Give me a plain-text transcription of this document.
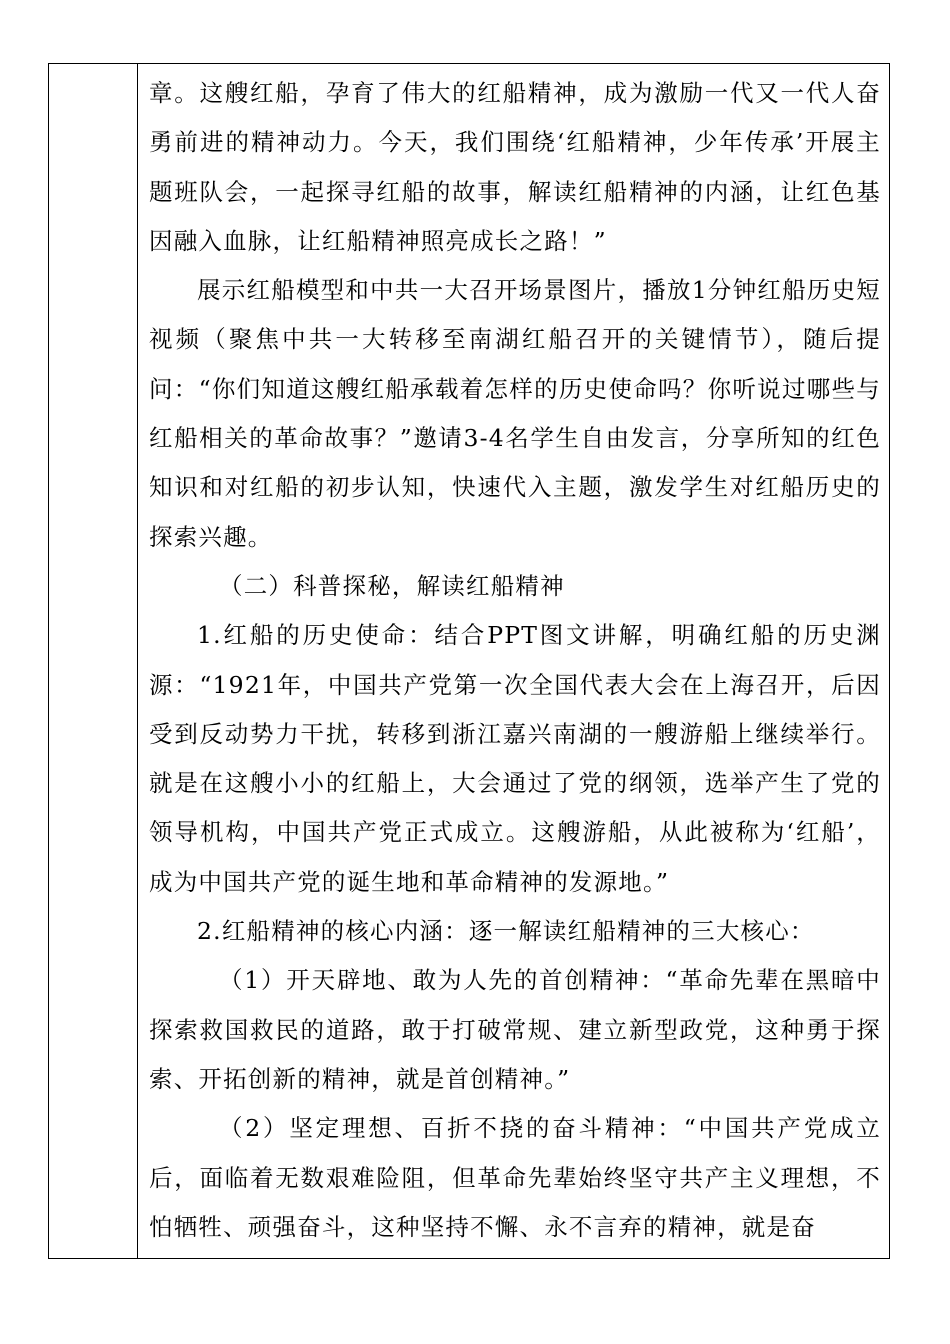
章。这艘红船，孕育了伟大的红船精神，成为激励一代又一代人奋勇前进的精神动力。今天，我们围绕‘红船精神，少年传承’开展主题班队会，一起探寻红船的故事，解读红船精神的内涵，让红色基因融入血脉，让红船精神照亮成长之路！”

展示红船模型和中共一大召开场景图片，播放1分钟红船历史短视频（聚焦中共一大转移至南湖红船召开的关键情节），随后提问：“你们知道这艘红船承载着怎样的历史使命吗？你听说过哪些与红船相关的革命故事？”邀请3-4名学生自由发言，分享所知的红色知识和对红船的初步认知，快速代入主题，激发学生对红船历史的探索兴趣。

（二）科普探秘，解读红船精神

1.红船的历史使命：结合PPT图文讲解，明确红船的历史渊源：“1921年，中国共产党第一次全国代表大会在上海召开，后因受到反动势力干扰，转移到浙江嘉兴南湖的一艘游船上继续举行。就是在这艘小小的红船上，大会通过了党的纲领，选举产生了党的领导机构，中国共产党正式成立。这艘游船，从此被称为‘红船’，成为中国共产党的诞生地和革命精神的发源地。”

2.红船精神的核心内涵：逐一解读红船精神的三大核心：

（1）开天辟地、敢为人先的首创精神：“革命先辈在黑暗中探索救国救民的道路，敢于打破常规、建立新型政党，这种勇于探索、开拓创新的精神，就是首创精神。”

（2）坚定理想、百折不挠的奋斗精神：“中国共产党成立后，面临着无数艰难险阻，但革命先辈始终坚守共产主义理想，不怕牺牲、顽强奋斗，这种坚持不懈、永不言弃的精神，就是奋
